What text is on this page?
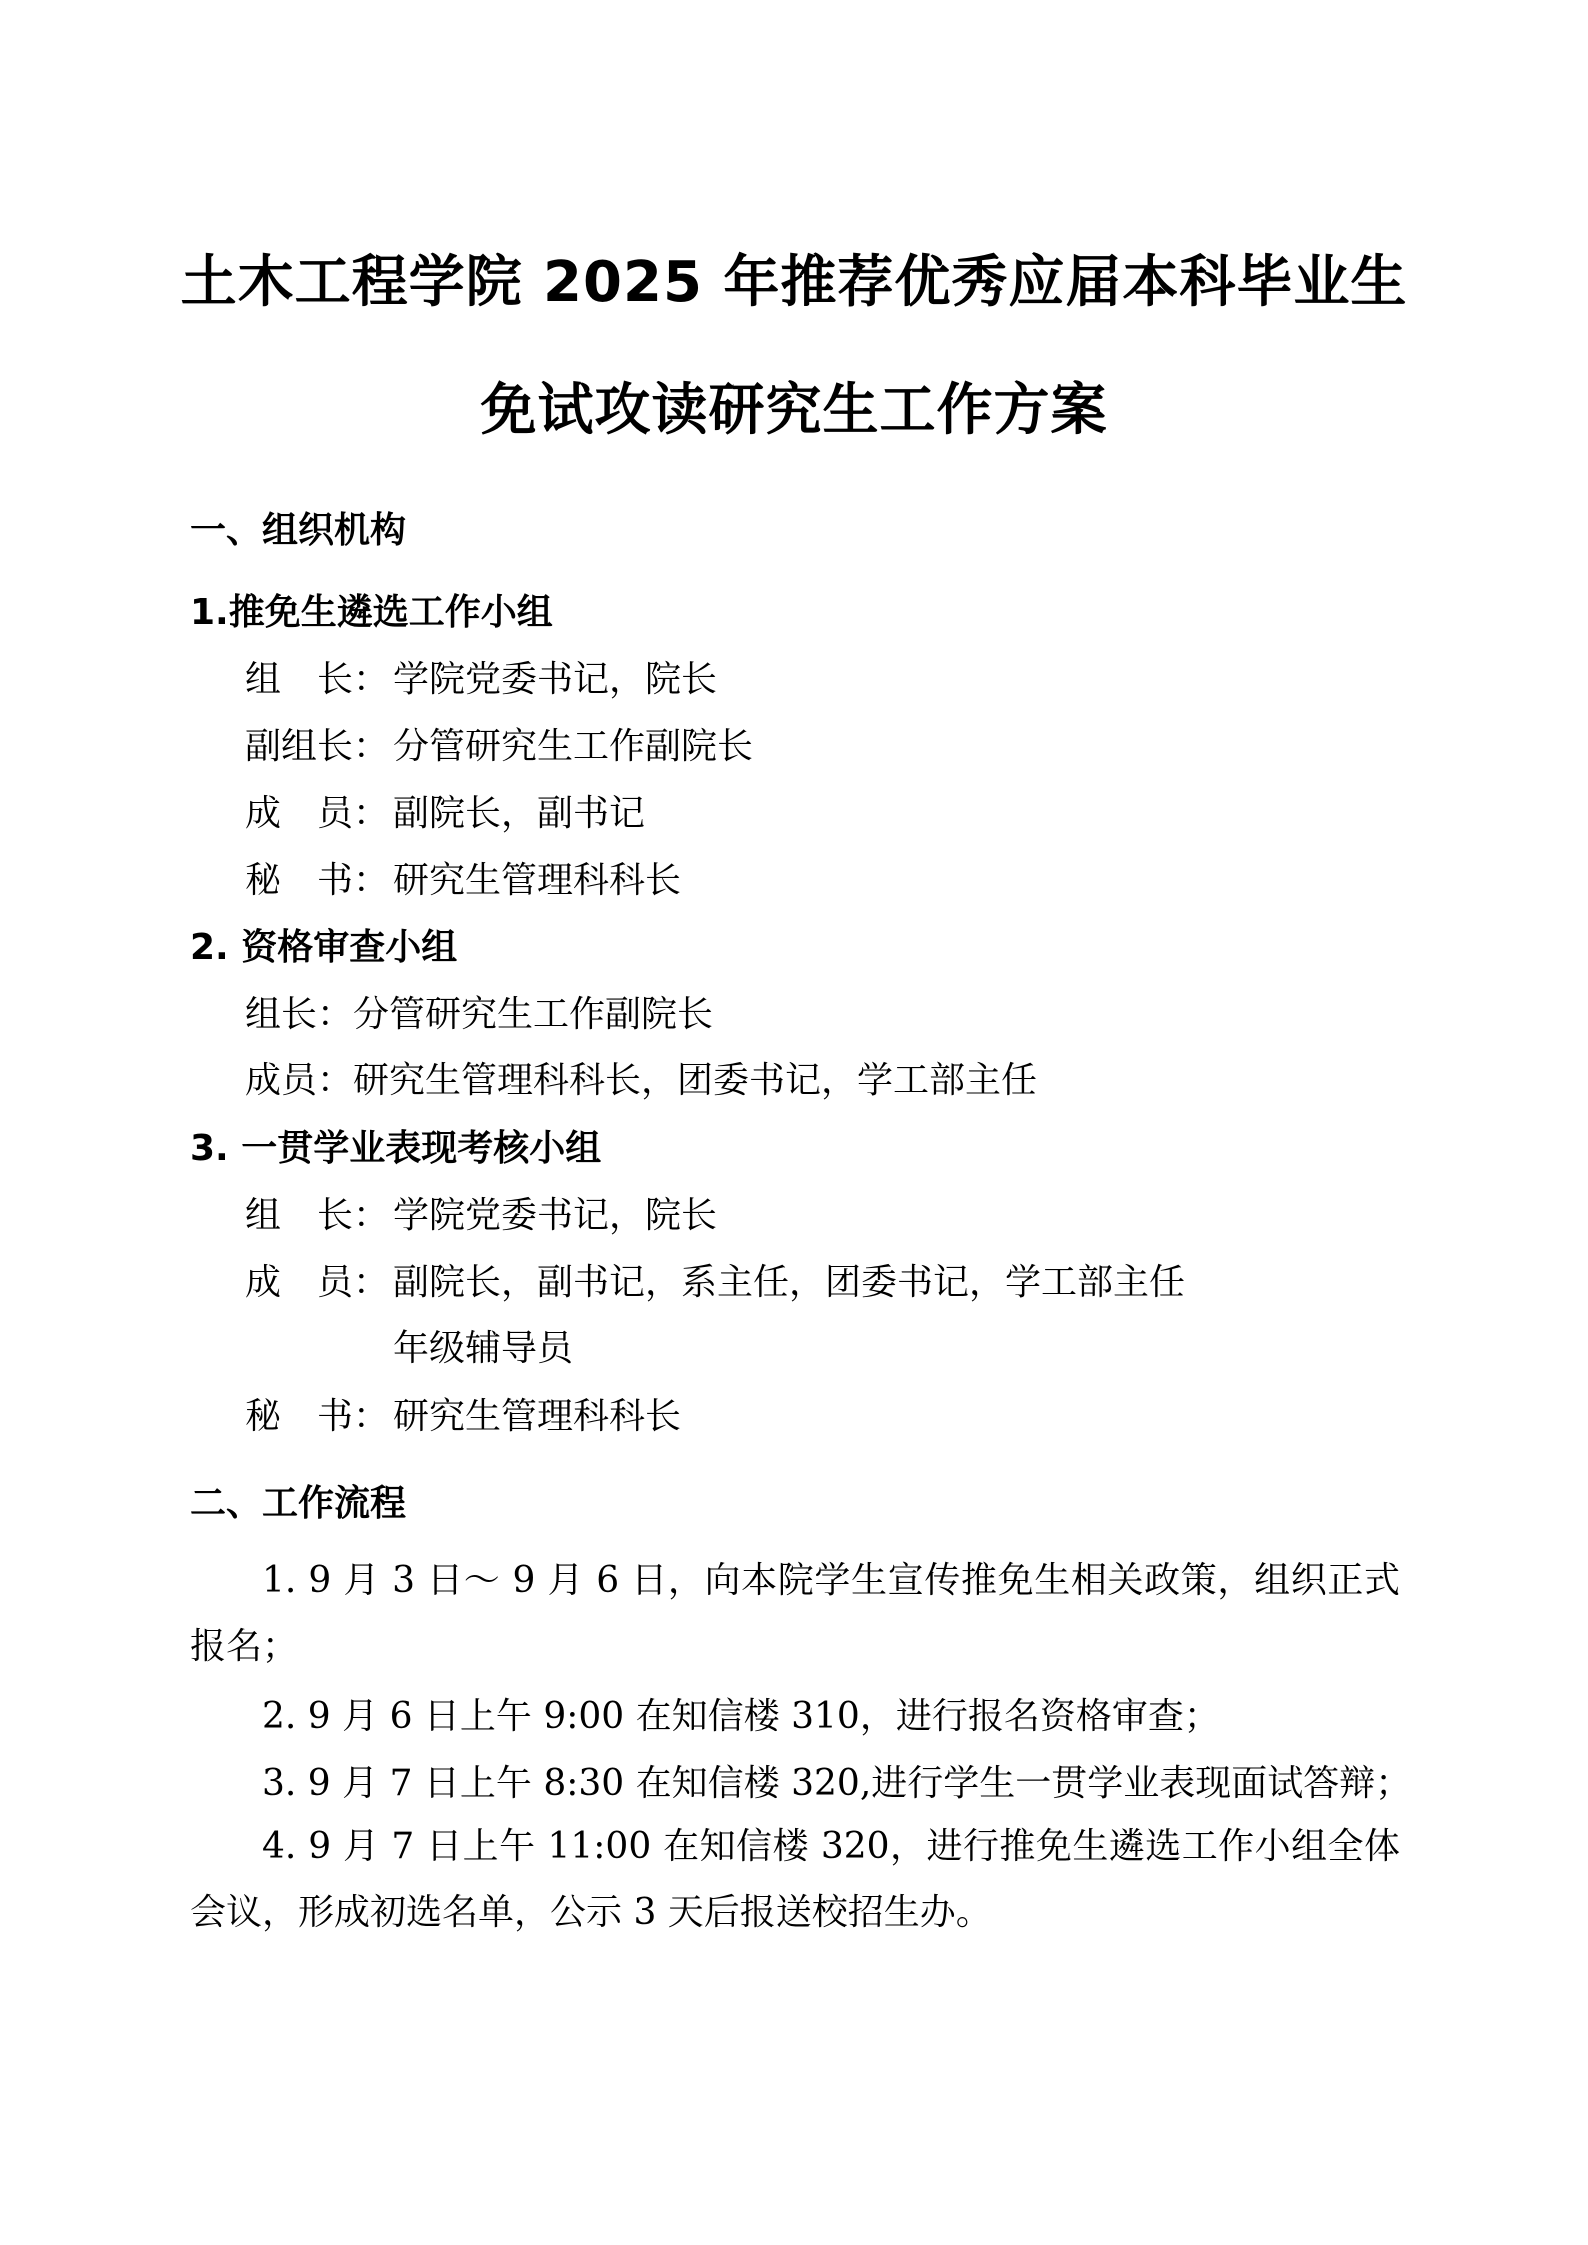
土木工程学院 2025 年推荐优秀应届本科毕业生
免试攻读研究生工作方案
一、组织机构
1.推免生遴选工作小组
组　长： 学院党委书记，院长
副组长： 分管研究生工作副院长
成　员： 副院长，副书记
秘　书： 研究生管理科科长
2. 资格审查小组
组长：分管研究生工作副院长
成员：研究生管理科科长，团委书记，学工部主任
3. 一贯学业表现考核小组
组　长： 学院党委书记，院长
成　员： 副院长，副书记，系主任，团委书记，学工部主任
年级辅导员
秘　书： 研究生管理科科长
二、工作流程
1. 9 月 3 日～ 9 月 6 日，向本院学生宣传推免生相关政策，组织正式报名；
2. 9 月 6 日上午 9:00 在知信楼 310，进行报名资格审查；
3. 9 月 7 日上午 8:30 在知信楼 320,进行学生一贯学业表现面试答辩；
4. 9 月 7 日上午 11:00 在知信楼 320，进行推免生遴选工作小组全体会议，形成初选名单，公示 3 天后报送校招生办。
